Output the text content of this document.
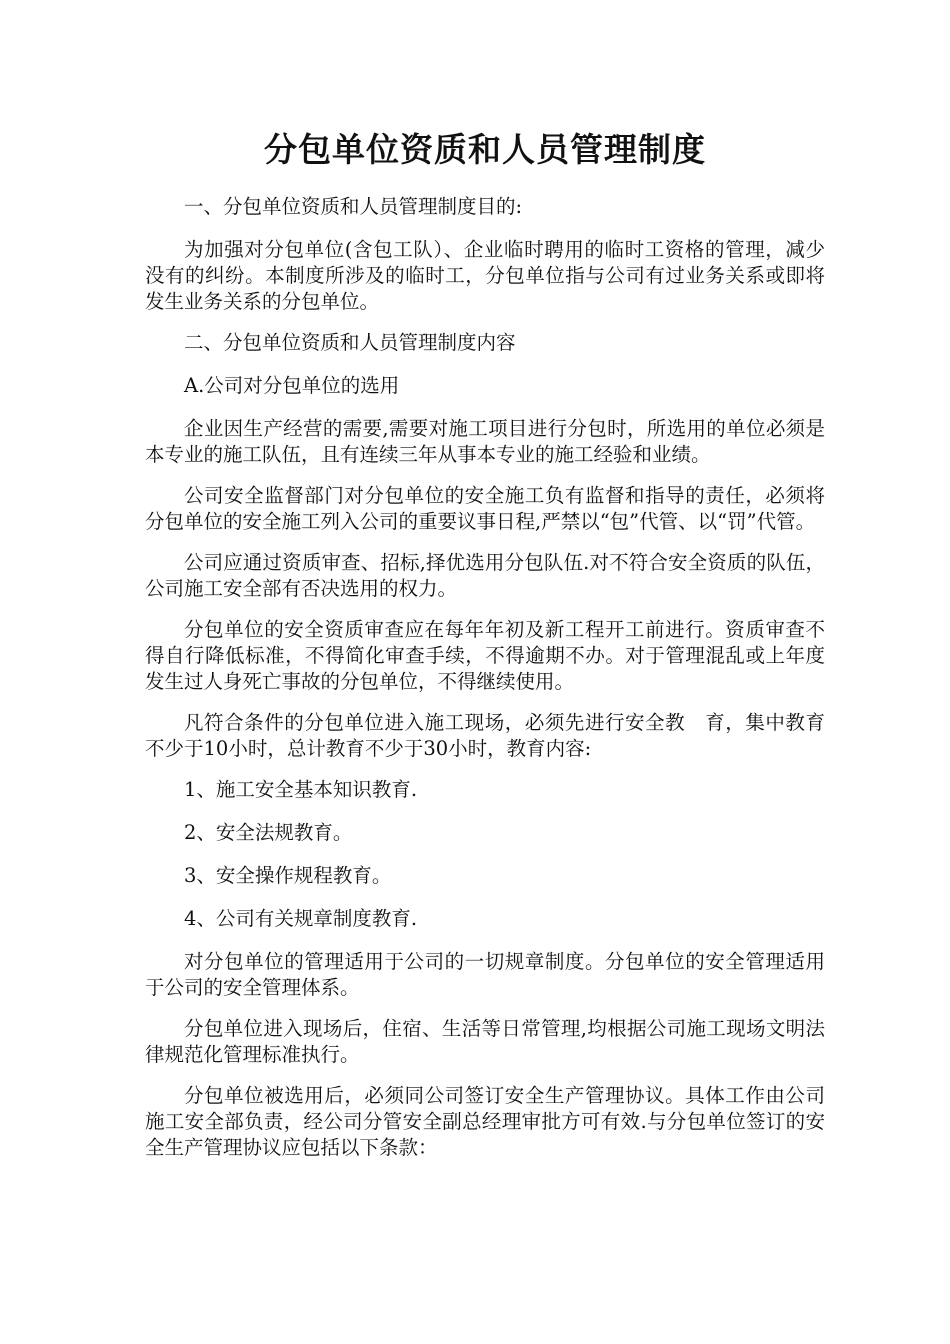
分包单位资质和人员管理制度

一、分包单位资质和人员管理制度目的:

为加强对分包单位(含包工队）、企业临时聘用的临时工资格的管理，减少没有的纠纷。本制度所涉及的临时工，分包单位指与公司有过业务关系或即将发生业务关系的分包单位。

二、分包单位资质和人员管理制度内容

A.公司对分包单位的选用

企业因生产经营的需要,需要对施工项目进行分包时，所选用的单位必须是本专业的施工队伍，且有连续三年从事本专业的施工经验和业绩。

公司安全监督部门对分包单位的安全施工负有监督和指导的责任，必须将分包单位的安全施工列入公司的重要议事日程,严禁以“包”代管、以“罚”代管。

公司应通过资质审查、招标,择优选用分包队伍.对不符合安全资质的队伍，公司施工安全部有否决选用的权力。

分包单位的安全资质审查应在每年年初及新工程开工前进行。资质审查不得自行降低标准，不得简化审查手续，不得逾期不办。对于管理混乱或上年度发生过人身死亡事故的分包单位，不得继续使用。

凡符合条件的分包单位进入施工现场，必须先进行安全教　育，集中教育不少于10小时，总计教育不少于30小时，教育内容:

1、施工安全基本知识教育.

2、安全法规教育。

3、安全操作规程教育。

4、公司有关规章制度教育.

对分包单位的管理适用于公司的一切规章制度。分包单位的安全管理适用于公司的安全管理体系。

分包单位进入现场后，住宿、生活等日常管理,均根据公司施工现场文明法律规范化管理标准执行。

分包单位被选用后，必须同公司签订安全生产管理协议。具体工作由公司施工安全部负责，经公司分管安全副总经理审批方可有效.与分包单位签订的安全生产管理协议应包括以下条款：
